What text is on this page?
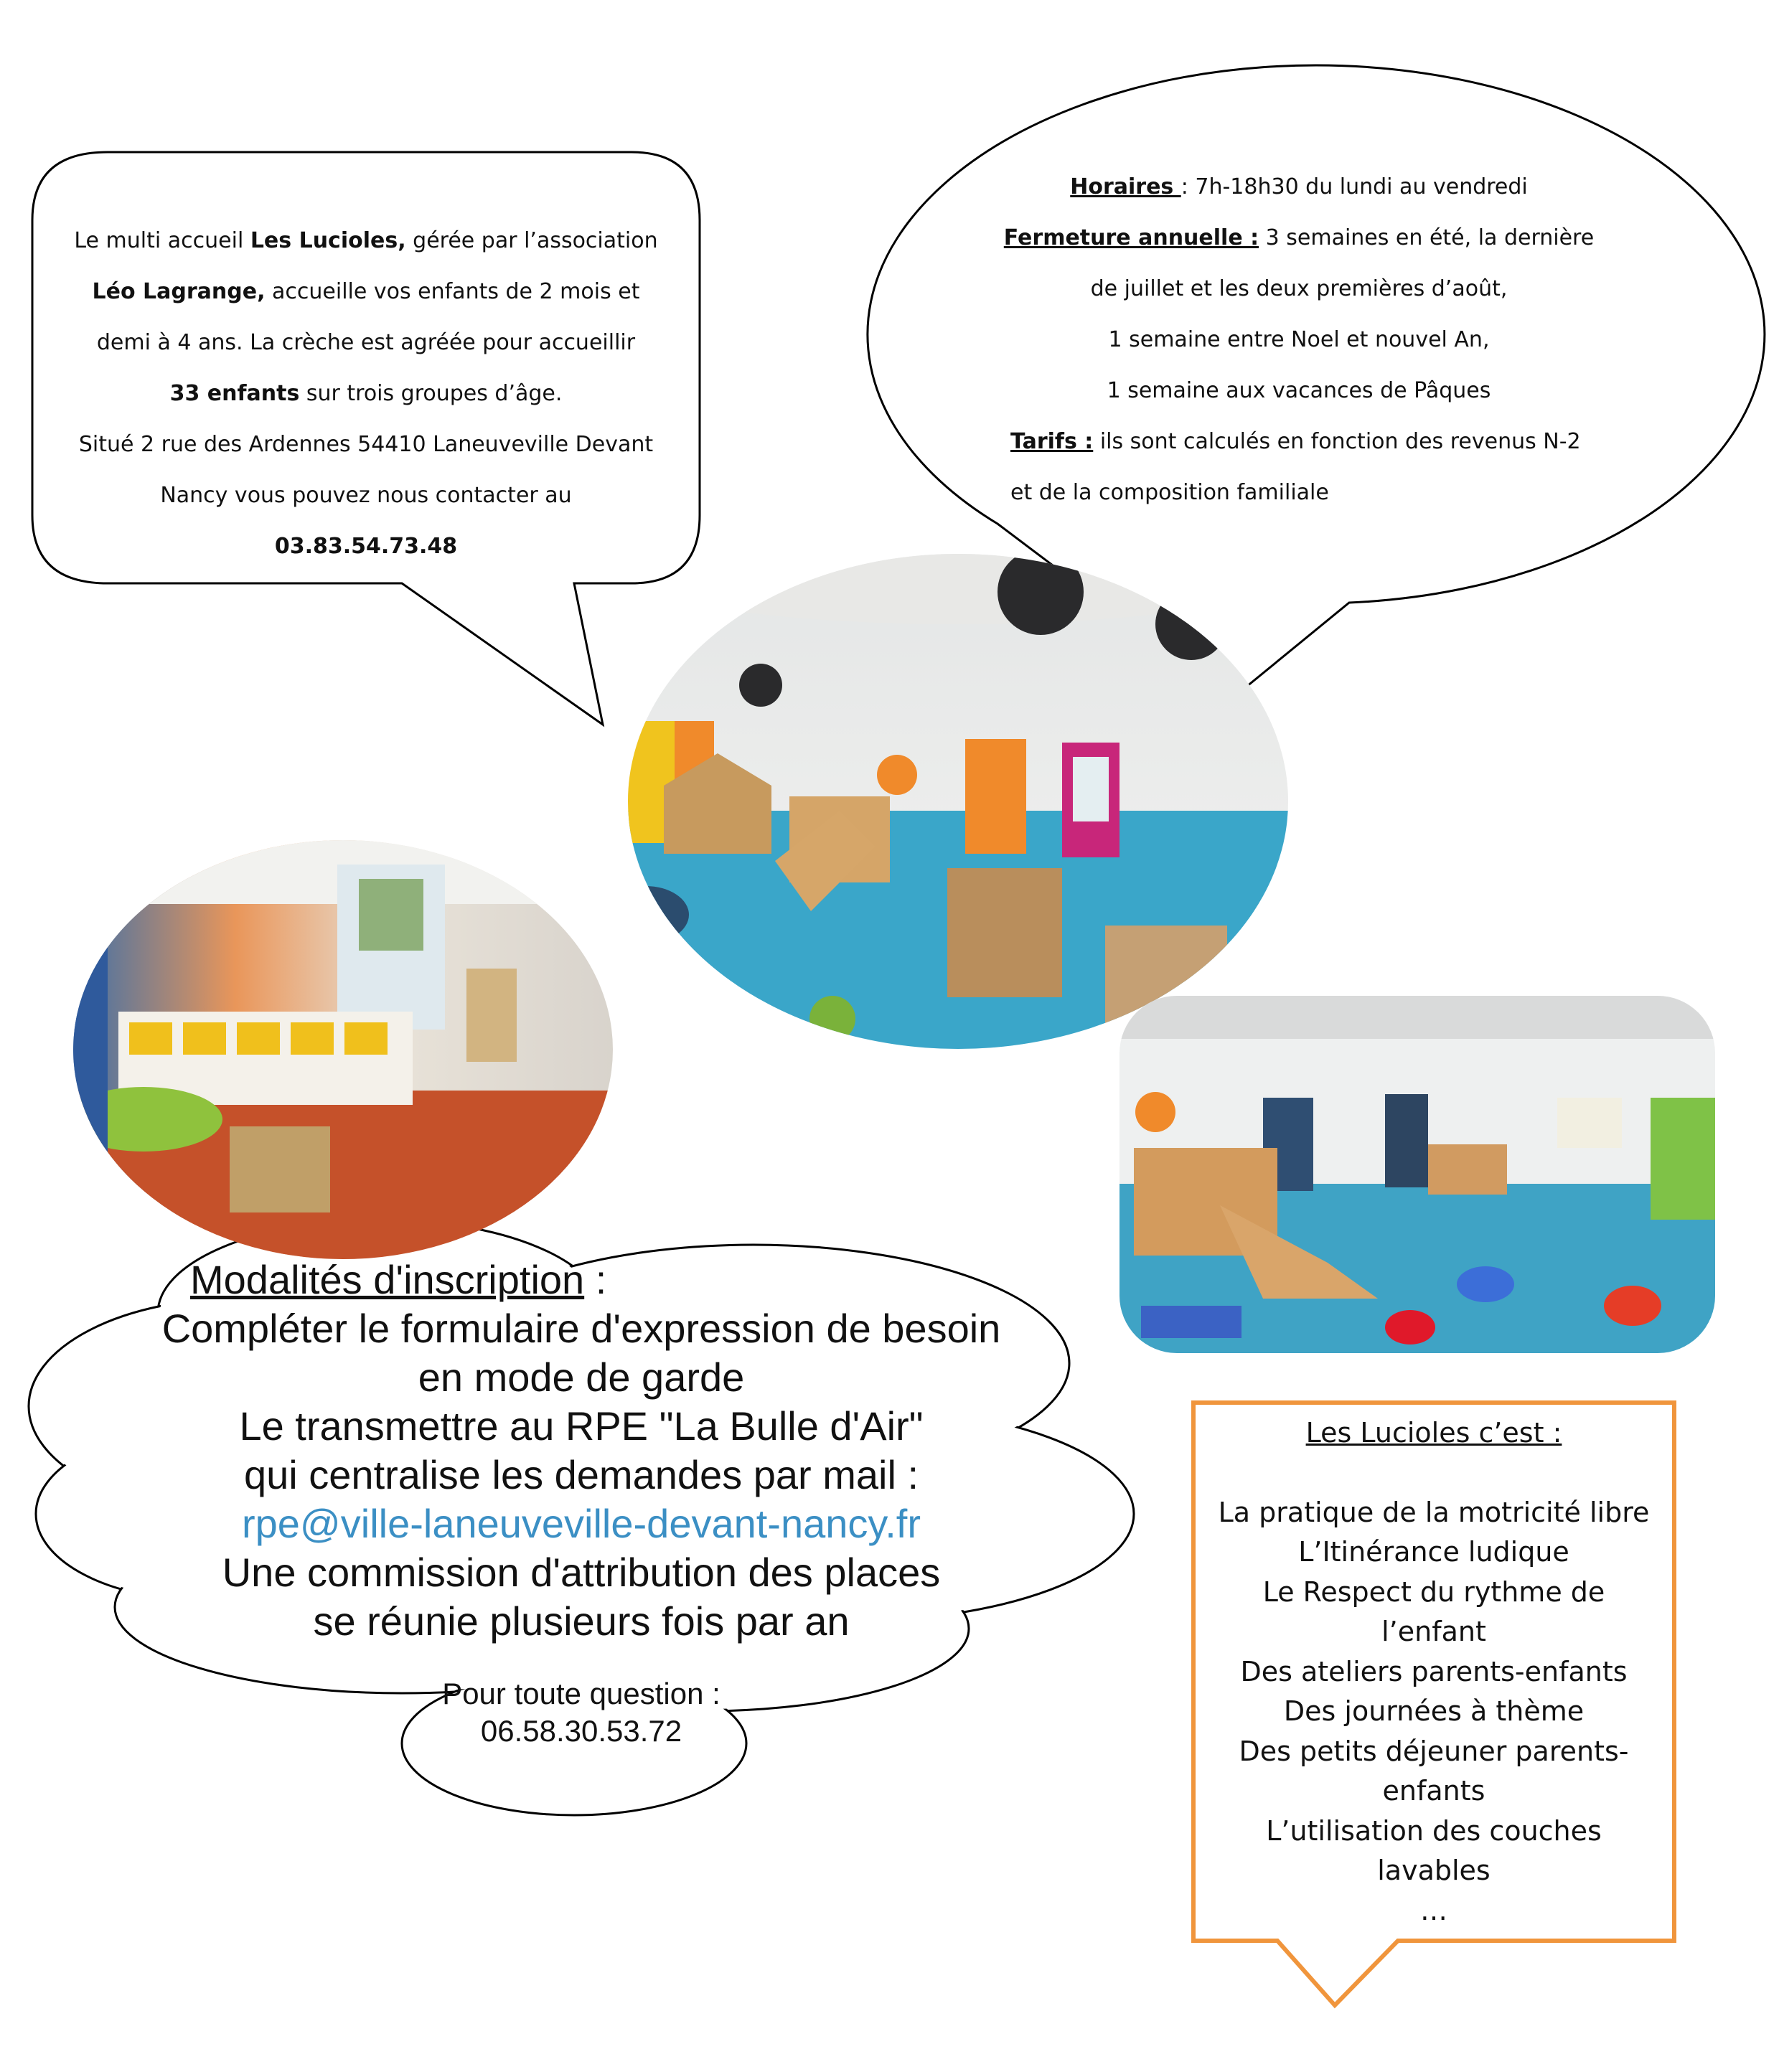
Le multi accueil Les Lucioles, gérée par l’association
Léo Lagrange, accueille vos enfants de 2 mois et
demi à 4 ans. La crèche est agréée pour accueillir
33 enfants sur trois groupes d’âge.
Situé 2 rue des Ardennes 54410 Laneuveville Devant
Nancy vous pouvez nous contacter au
03.83.54.73.48
Horaires : 7h-18h30 du lundi au vendredi
Fermeture annuelle : 3 semaines en été, la dernière
de juillet et les deux premières d’août,
1 semaine entre Noel et nouvel An,
1 semaine aux vacances de Pâques
Tarifs : ils sont calculés en fonction des revenus N-2
et de la composition familiale
Modalités d'inscription :
Compléter le formulaire d'expression de besoin
en mode de garde
Le transmettre au RPE "La Bulle d'Air"
qui centralise les demandes par mail :
rpe@ville-laneuveville-devant-nancy.fr
Une commission d'attribution des places
se réunie plusieurs fois par an
Pour toute question :
06.58.30.53.72
Les Lucioles c’est :
La pratique de la motricité libre
L’Itinérance ludique
Le Respect du rythme de
l’enfant
Des ateliers parents-enfants
Des journées à thème
Des petits déjeuner parents-
enfants
L’utilisation des couches
lavables
…
